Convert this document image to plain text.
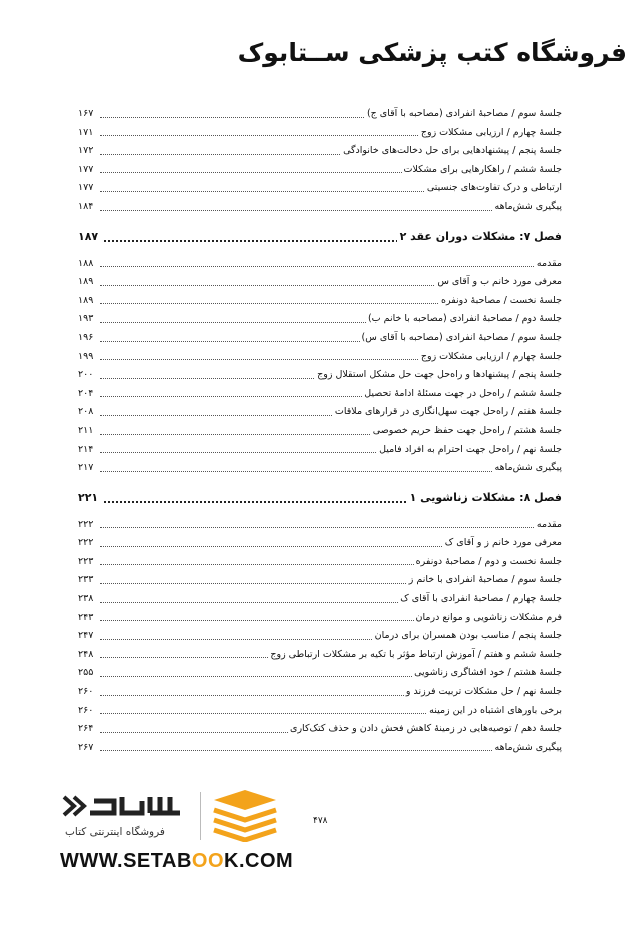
فروشگاه کتب پزشکی ســتابوک
جلسهٔ سوم / مصاحبهٔ انفرادی (مصاحبه با آقای ج)
۱۶۷
جلسهٔ چهارم / ارزیابی مشکلات زوج
۱۷۱
جلسهٔ پنجم / پیشنهادهایی برای حل دخالت‌های خانوادگی
۱۷۲
جلسهٔ ششم / راهکارهایی برای مشکلات
۱۷۷
ارتباطی و درک تفاوت‌های جنسیتی
۱۷۷
پیگیری شش‌ماهه
۱۸۴
فصل ۷: مشکلات دوران عقد ۲
۱۸۷
مقدمه
۱۸۸
معرفی مورد خانم ب و آقای س
۱۸۹
جلسهٔ نخست / مصاحبهٔ دونفره
۱۸۹
جلسهٔ دوم / مصاحبهٔ انفرادی (مصاحبه با خانم ب)
۱۹۳
جلسهٔ سوم / مصاحبهٔ انفرادی (مصاحبه با آقای س)
۱۹۶
جلسهٔ چهارم / ارزیابی مشکلات زوج
۱۹۹
جلسهٔ پنجم / پیشنهادها و راه‌حل جهت حل مشکل استقلال زوج
۲۰۰
جلسهٔ ششم / راه‌حل در جهت مسئلهٔ ادامهٔ تحصیل
۲۰۴
جلسهٔ هفتم / راه‌حل جهت سهل‌انگاری در قرارهای ملاقات
۲۰۸
جلسهٔ هشتم / راه‌حل جهت حفظ حریم خصوصی
۲۱۱
جلسهٔ نهم / راه‌حل جهت احترام به افراد فامیل
۲۱۴
پیگیری شش‌ماهه
۲۱۷
فصل ۸: مشکلات زناشویی ۱
۲۲۱
مقدمه
۲۲۲
معرفی مورد خانم ز و آقای ک
۲۲۲
جلسهٔ نخست و دوم / مصاحبهٔ دونفره
۲۲۳
جلسهٔ سوم / مصاحبهٔ انفرادی با خانم ز
۲۳۳
جلسهٔ چهارم / مصاحبهٔ انفرادی با آقای ک
۲۳۸
فرم مشکلات زناشویی و موانع درمان
۲۴۳
جلسهٔ پنجم / مناسب بودن همسران برای درمان
۲۴۷
جلسهٔ ششم و هفتم / آموزش ارتباط مؤثر با تکیه بر مشکلات ارتباطی زوج
۲۴۸
جلسهٔ هشتم / خود افشاگری زناشویی
۲۵۵
جلسهٔ نهم / حل مشکلات تربیت فرزند و
۲۶۰
برخی باورهای اشتباه در این زمینه
۲۶۰
جلسهٔ دهم / توصیه‌هایی در زمینهٔ کاهش فحش دادن و حذف کتک‌کاری
۲۶۴
پیگیری شش‌ماهه
۲۶۷
۴۷۸
فروشگاه اینترنتی کتاب
WWW.SETABOOK.COM
